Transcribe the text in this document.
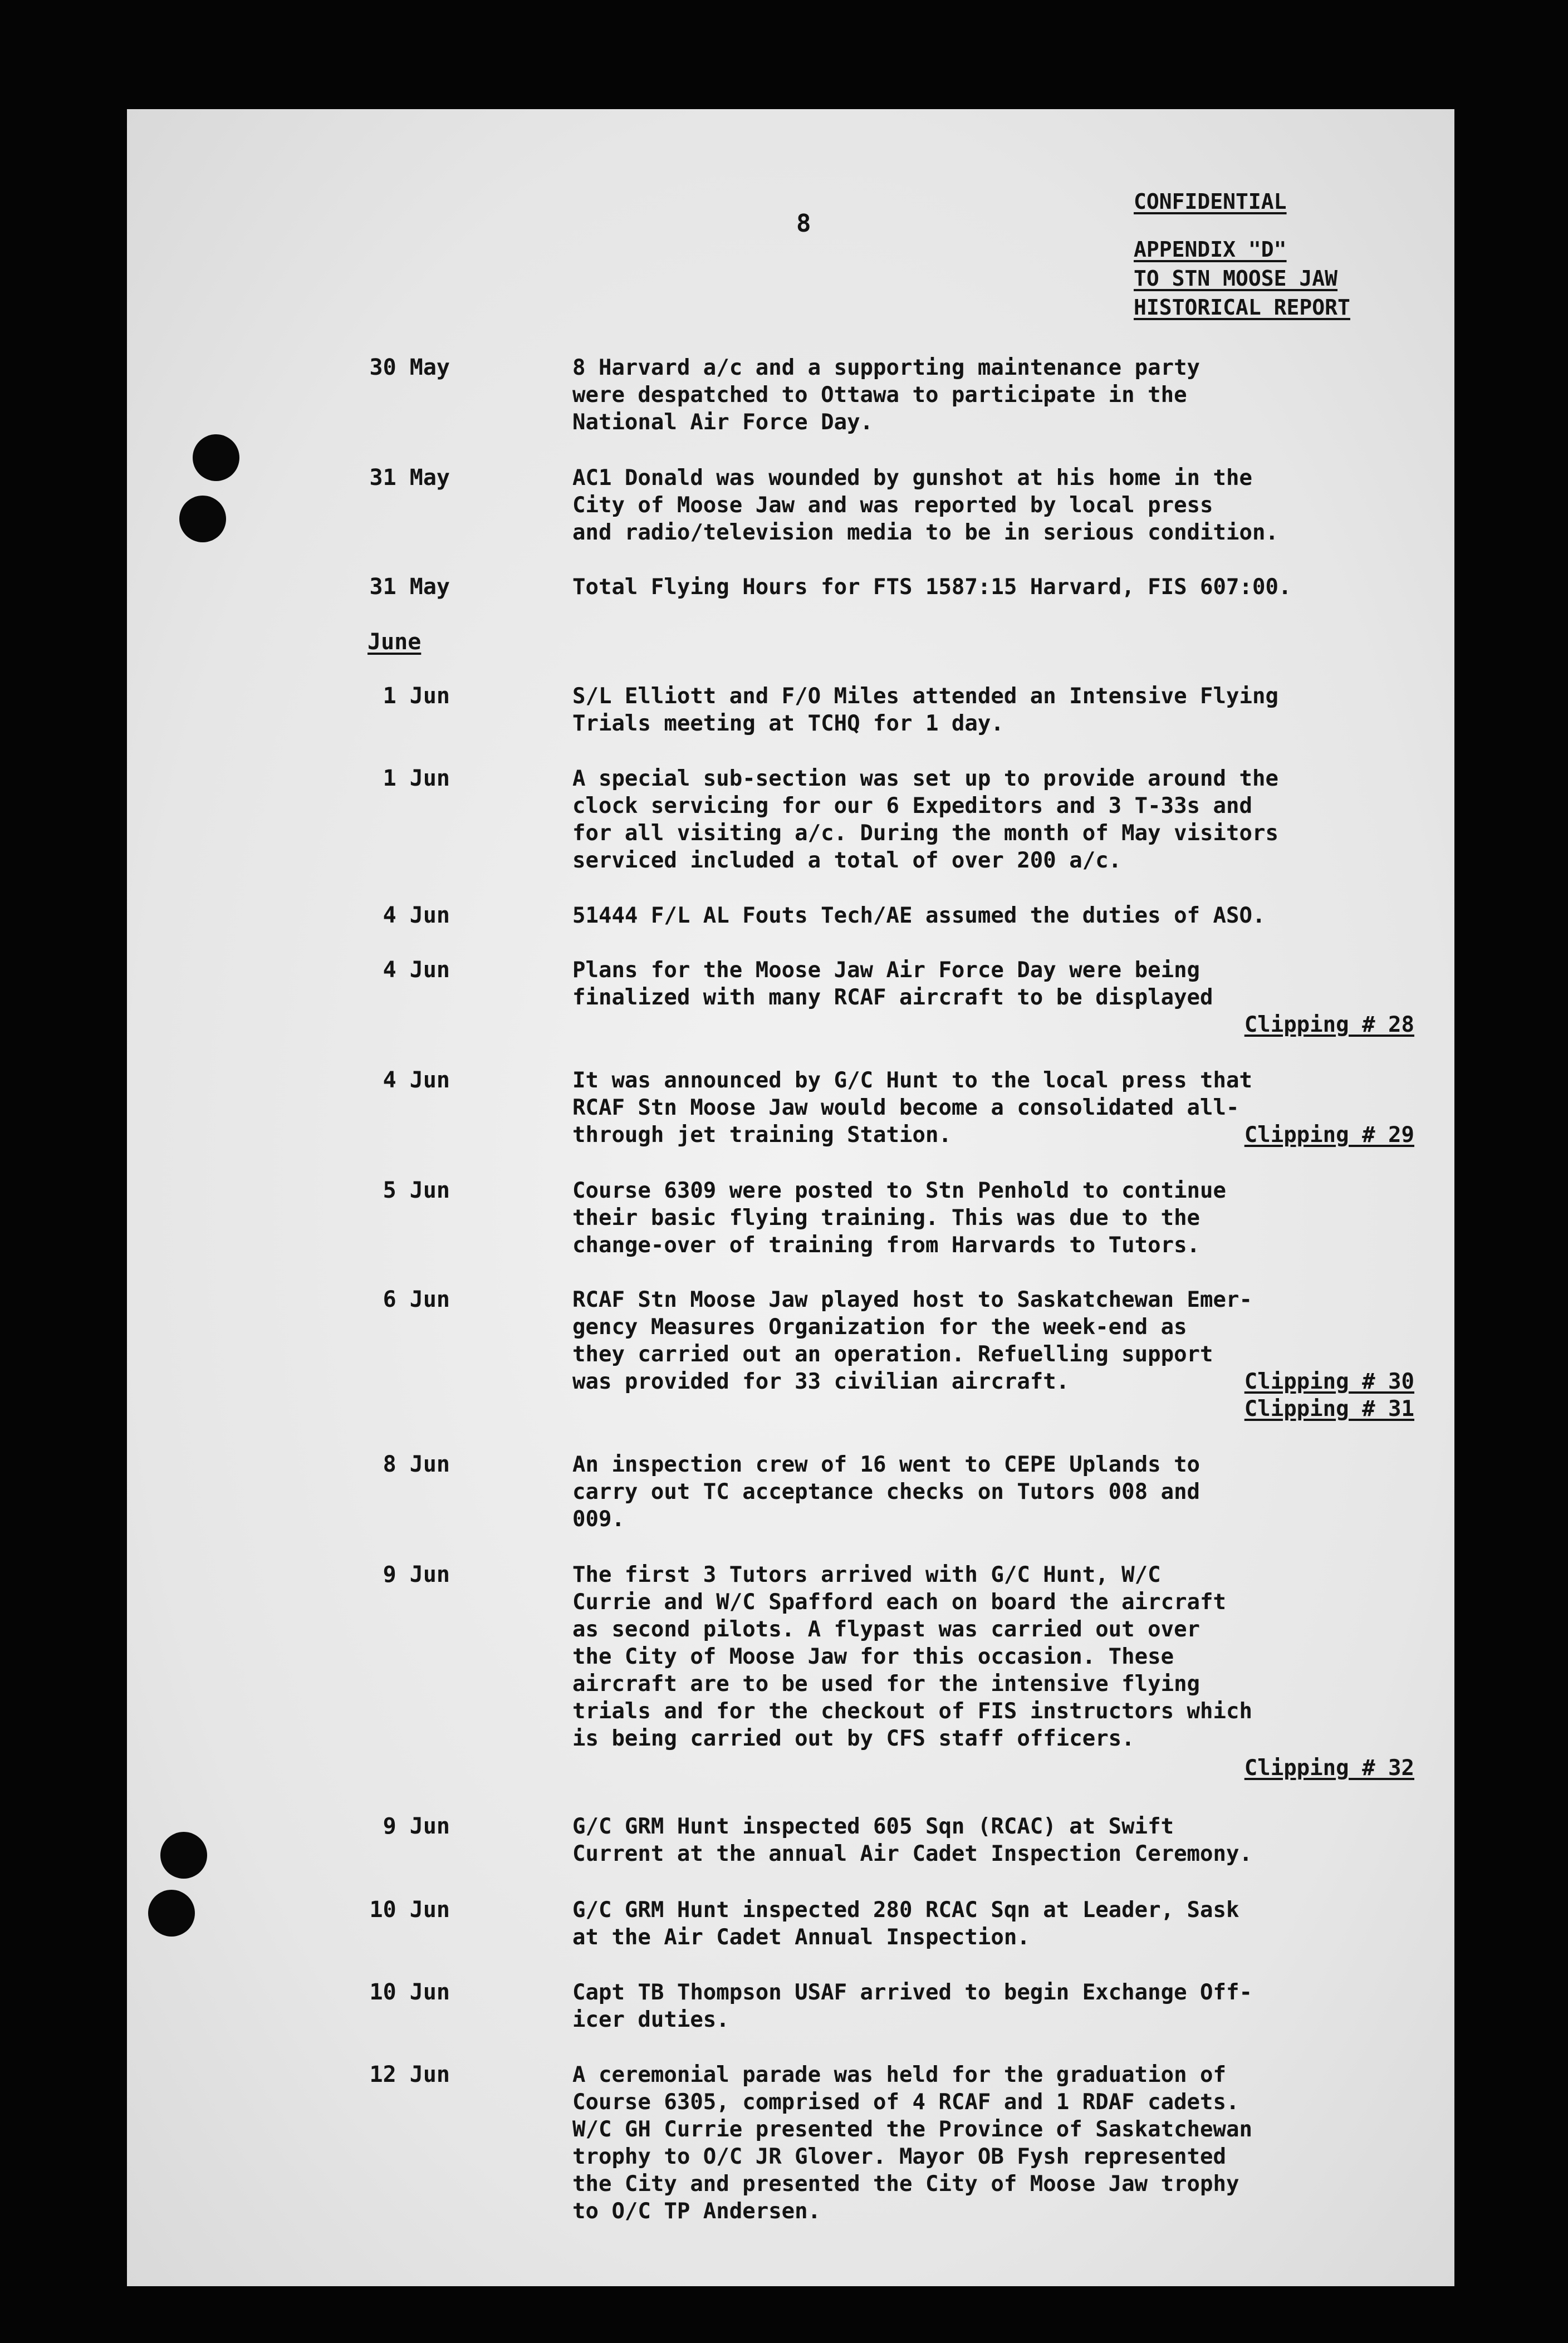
8
CONFIDENTIAL
APPENDIX "D"
TO STN MOOSE JAW
HISTORICAL REPORT
30 May	8 Harvard a/c and a supporting maintenance party
were despatched to Ottawa to participate in the
National Air Force Day.
31 May	AC1 Donald was wounded by gunshot at his home in the
City of Moose Jaw and was reported by local press
and radio/television media to be in serious condition.
31 May	Total Flying Hours for FTS 1587:15 Harvard, FIS 607:00.
June
1 Jun	S/L Elliott and F/O Miles attended an Intensive Flying
Trials meeting at TCHQ for 1 day.
1 Jun	A special sub-section was set up to provide around the
clock servicing for our 6 Expeditors and 3 T-33s and
for all visiting a/c. During the month of May visitors
serviced included a total of over 200 a/c.
4 Jun	51444 F/L AL Fouts Tech/AE assumed the duties of ASO.
4 Jun	Plans for the Moose Jaw Air Force Day were being
finalized with many RCAF aircraft to be displayed
Clipping # 28
4 Jun	It was announced by G/C Hunt to the local press that
RCAF Stn Moose Jaw would become a consolidated all-
through jet training Station.	Clipping # 29
5 Jun	Course 6309 were posted to Stn Penhold to continue
their basic flying training. This was due to the
change-over of training from Harvards to Tutors.
6 Jun	RCAF Stn Moose Jaw played host to Saskatchewan Emer-
gency Measures Organization for the week-end as
they carried out an operation. Refuelling support
was provided for 33 civilian aircraft.	Clipping # 30
Clipping # 31
8 Jun	An inspection crew of 16 went to CEPE Uplands to
carry out TC acceptance checks on Tutors 008 and
009.
9 Jun	The first 3 Tutors arrived with G/C Hunt, W/C
Currie and W/C Spafford each on board the aircraft
as second pilots. A flypast was carried out over
the City of Moose Jaw for this occasion. These
aircraft are to be used for the intensive flying
trials and for the checkout of FIS instructors which
is being carried out by CFS staff officers.
Clipping # 32
9 Jun	G/C GRM Hunt inspected 605 Sqn (RCAC) at Swift
Current at the annual Air Cadet Inspection Ceremony.
10 Jun	G/C GRM Hunt inspected 280 RCAC Sqn at Leader, Sask
at the Air Cadet Annual Inspection.
10 Jun	Capt TB Thompson USAF arrived to begin Exchange Off-
icer duties.
12 Jun	A ceremonial parade was held for the graduation of
Course 6305, comprised of 4 RCAF and 1 RDAF cadets.
W/C GH Currie presented the Province of Saskatchewan
trophy to O/C JR Glover. Mayor OB Fysh represented
the City and presented the City of Moose Jaw trophy
to O/C TP Andersen.
